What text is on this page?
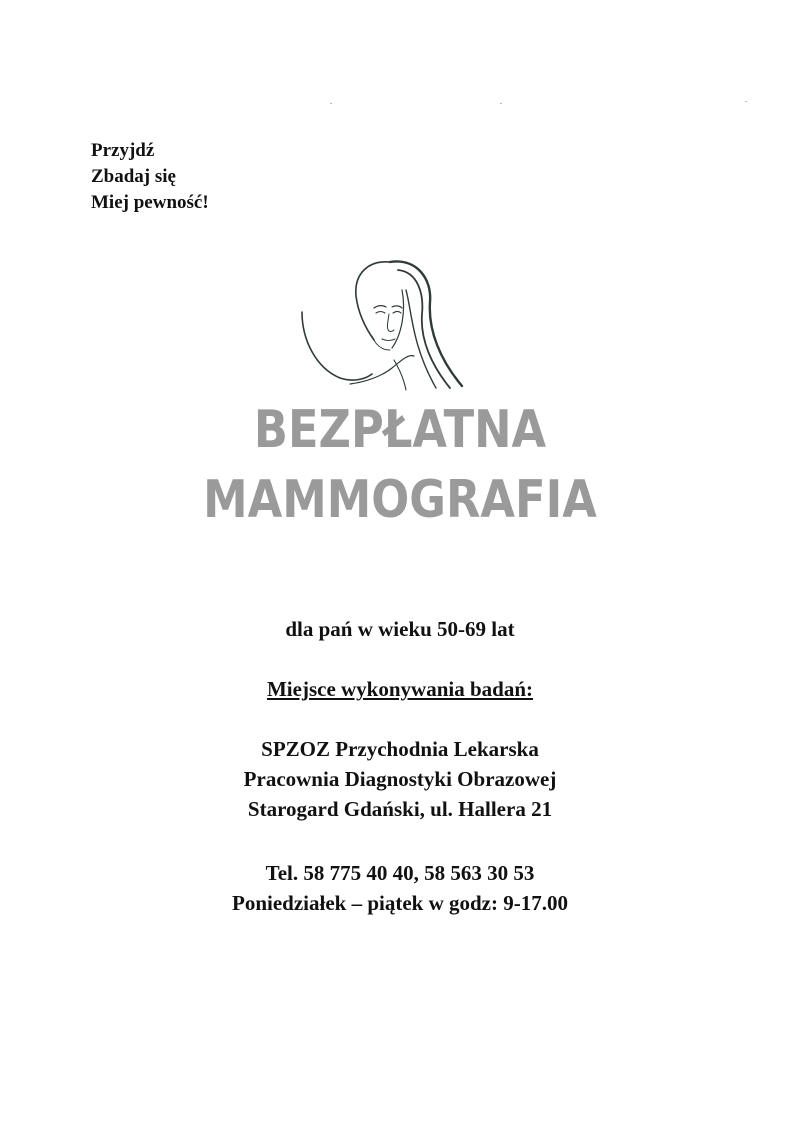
Przyjdź
Zbadaj się
Miej pewność!
BEZPŁATNA
MAMMOGRAFIA
dla pań w wieku 50-69 lat
Miejsce wykonywania badań:
SPZOZ Przychodnia Lekarska
Pracownia Diagnostyki Obrazowej
Starogard Gdański, ul. Hallera 21
Tel. 58 775 40 40, 58 563 30 53
Poniedziałek – piątek w godz: 9-17.00
